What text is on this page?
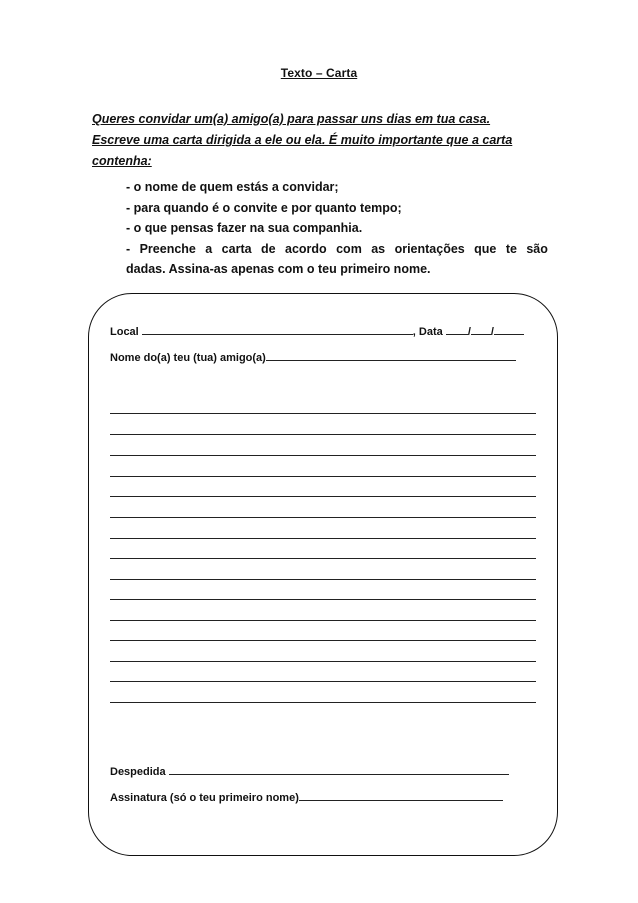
Texto – Carta
Queres convidar um(a) amigo(a) para passar uns dias em tua casa.
Escreve uma carta dirigida a ele ou ela. É muito importante que a carta
contenha:
- o nome de quem estás a convidar;
- para quando é o convite e por quanto tempo;
- o que pensas fazer na sua companhia.
- Preenche a carta de acordo com as orientações que te são
dadas. Assina-as apenas com o teu primeiro nome.
Local	, Data / /
Nome do(a) teu (tua) amigo(a)
Despedida
Assinatura (só o teu primeiro nome)
